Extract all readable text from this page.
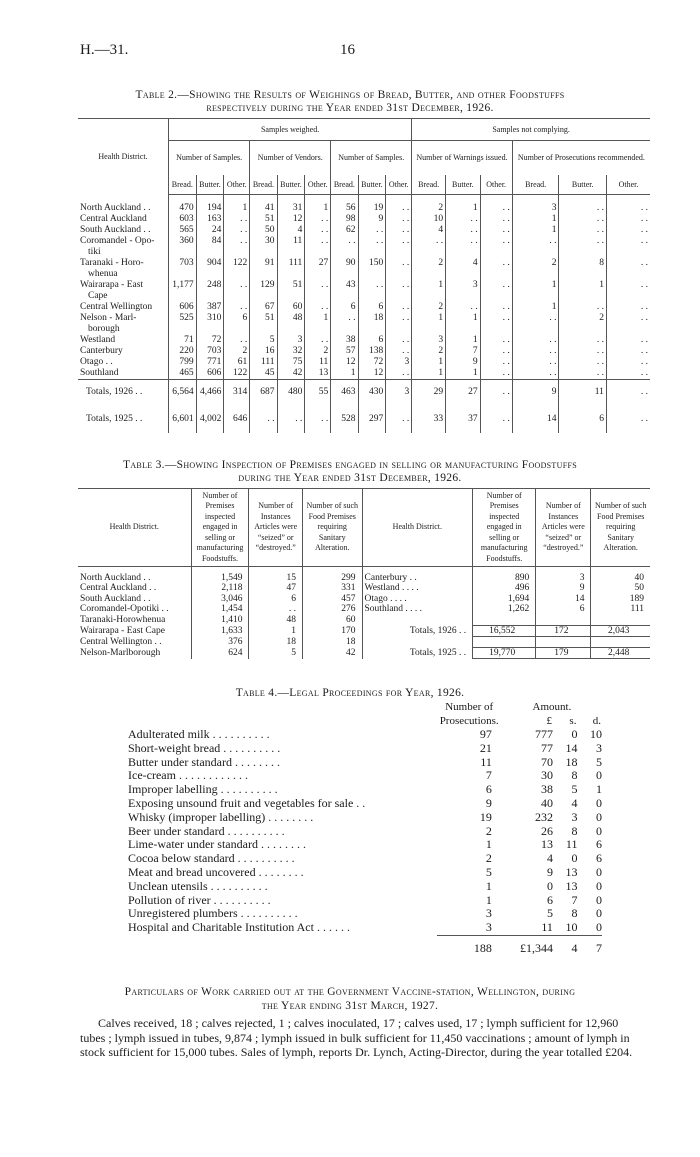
H.—31.	16
Table 2.—Showing the Results of Weighings of Bread, Butter, and other Foodstuffs
respectively during the Year ended 31st December, 1926.
Health District.	Samples weighed.									Samples not complying.					
	Number of Samples.			Number of Vendors.			Number of Samples.			Number of Warnings issued.			Number of Prosecutions recommended.		
	Bread.	Butter.	Other.	Bread.	Butter.	Other.	Bread.	Butter.	Other.	Bread.	Butter.	Other.	Bread.	Butter.	Other.

North Auckland . .	470	194	1	41	31	1	56	19	. .	2	1	. .	3	. .	. .

Central Auckland	603	163	. .	51	12	. .	98	9	. .	10	. .	. .	1	. .	. .

South Auckland . .	565	24	. .	50	4	. .	62	. .	. .	4	. .	. .	1	. .	. .

Coromandel - Opo-
tiki	360	84	. .	30	11	. .	. .	. .	. .	. .	. .	. .	. .	. .	. .

Taranaki - Horo-
whenua	703	904	122	91	111	27	90	150	. .	2	4	. .	2	8	. .

Wairarapa - East
Cape	1,177	248	. .	129	51	. .	43	. .	. .	1	3	. .	1	1	. .

Central Wellington	606	387	. .	67	60	. .	6	6	. .	2	. .	. .	1	. .	. .

Nelson - Marl-
borough	525	310	6	51	48	1	. .	18	. .	1	1	. .	. .	2	. .

Westland	71	72	. .	5	3	. .	38	6	. .	3	1	. .	. .	. .	. .

Canterbury	220	703	2	16	32	2	57	138	. .	2	7	. .	. .	. .	. .

Otago . .	799	771	61	111	75	11	12	72	3	1	9	. .	. .	. .	. .

Southland	465	606	122	45	42	13	1	12	. .	1	1	. .	. .	. .	. .
Totals, 1926 . .	6,564	4,466	314	687	480	55	463	430	3	29	27	. .	9	11	. .
Totals, 1925 . .	6,601	4,002	646	. .	. .	. .	528	297	. .	33	37	. .	14	6	. .
Table 3.—Showing Inspection of Premises engaged in selling or manufacturing Foodstuffs
during the Year ended 31st December, 1926.
Health District.	Number of Premises inspected engaged in selling or manufacturing Foodstuffs.	Number of Instances Articles were “seized” or “destroyed.”	Number of such Food Premises requiring Sanitary Alteration.	Health District.	Number of Premises inspected engaged in selling or manufacturing Foodstuffs.	Number of Instances Articles were “seized” or “destroyed.”	Number of such Food Premises requiring Sanitary Alteration.

North Auckland . .	1,549	15	299	Canterbury . .	890	3	40
Central Auckland . .	2,118	47	331	Westland . . . .	496	9	50
South Auckland . .	3,046	6	457	Otago . . . .	1,694	14	189
Coromandel-Opotiki . .	1,454	. .	276	Southland . . . .	1,262	6	111
Taranaki-Horowhenua	1,410	48	60				
Wairarapa - East Cape	1,633	1	170	Totals, 1926 . .	16,552	172	2,043
Central Wellington . .	376	18	18				
Nelson-Marlborough	624	5	42	Totals, 1925 . .	19,770	179	2,448
Table 4.—Legal Proceedings for Year, 1926.
	Number of	Amount.		
	Prosecutions.	£	s.	d.
Adulterated milk . . . . . . . . . .	97	777	0	10
Short-weight bread . . . . . . . . . .	21	77	14	3
Butter under standard . . . . . . . .	11	70	18	5
Ice-cream . . . . . . . . . . . .	7	30	8	0
Improper labelling . . . . . . . . . .	6	38	5	1
Exposing unsound fruit and vegetables for sale . .	9	40	4	0
Whisky (improper labelling) . . . . . . . .	19	232	3	0
Beer under standard . . . . . . . . . .	2	26	8	0
Lime-water under standard . . . . . . . .	1	13	11	6
Cocoa below standard . . . . . . . . . .	2	4	0	6
Meat and bread uncovered . . . . . . . .	5	9	13	0
Unclean utensils . . . . . . . . . .	1	0	13	0
Pollution of river . . . . . . . . . .	1	6	7	0
Unregistered plumbers . . . . . . . . . .	3	5	8	0
Hospital and Charitable Institution Act . . . . . .	3	11	10	0
	188	£1,344	4	7
Particulars of Work carried out at the Government Vaccine-station, Wellington, during
the Year ending 31st March, 1927.
Calves received, 18 ; calves rejected, 1 ; calves inoculated, 17 ; calves used, 17 ; lymph sufficient for 12,960 tubes ; lymph issued in tubes, 9,874 ; lymph issued in bulk sufficient for 11,450 vaccinations ; amount of lymph in stock sufficient for 15,000 tubes. Sales of lymph, reports Dr. Lynch, Acting-Director, during the year totalled £204.
